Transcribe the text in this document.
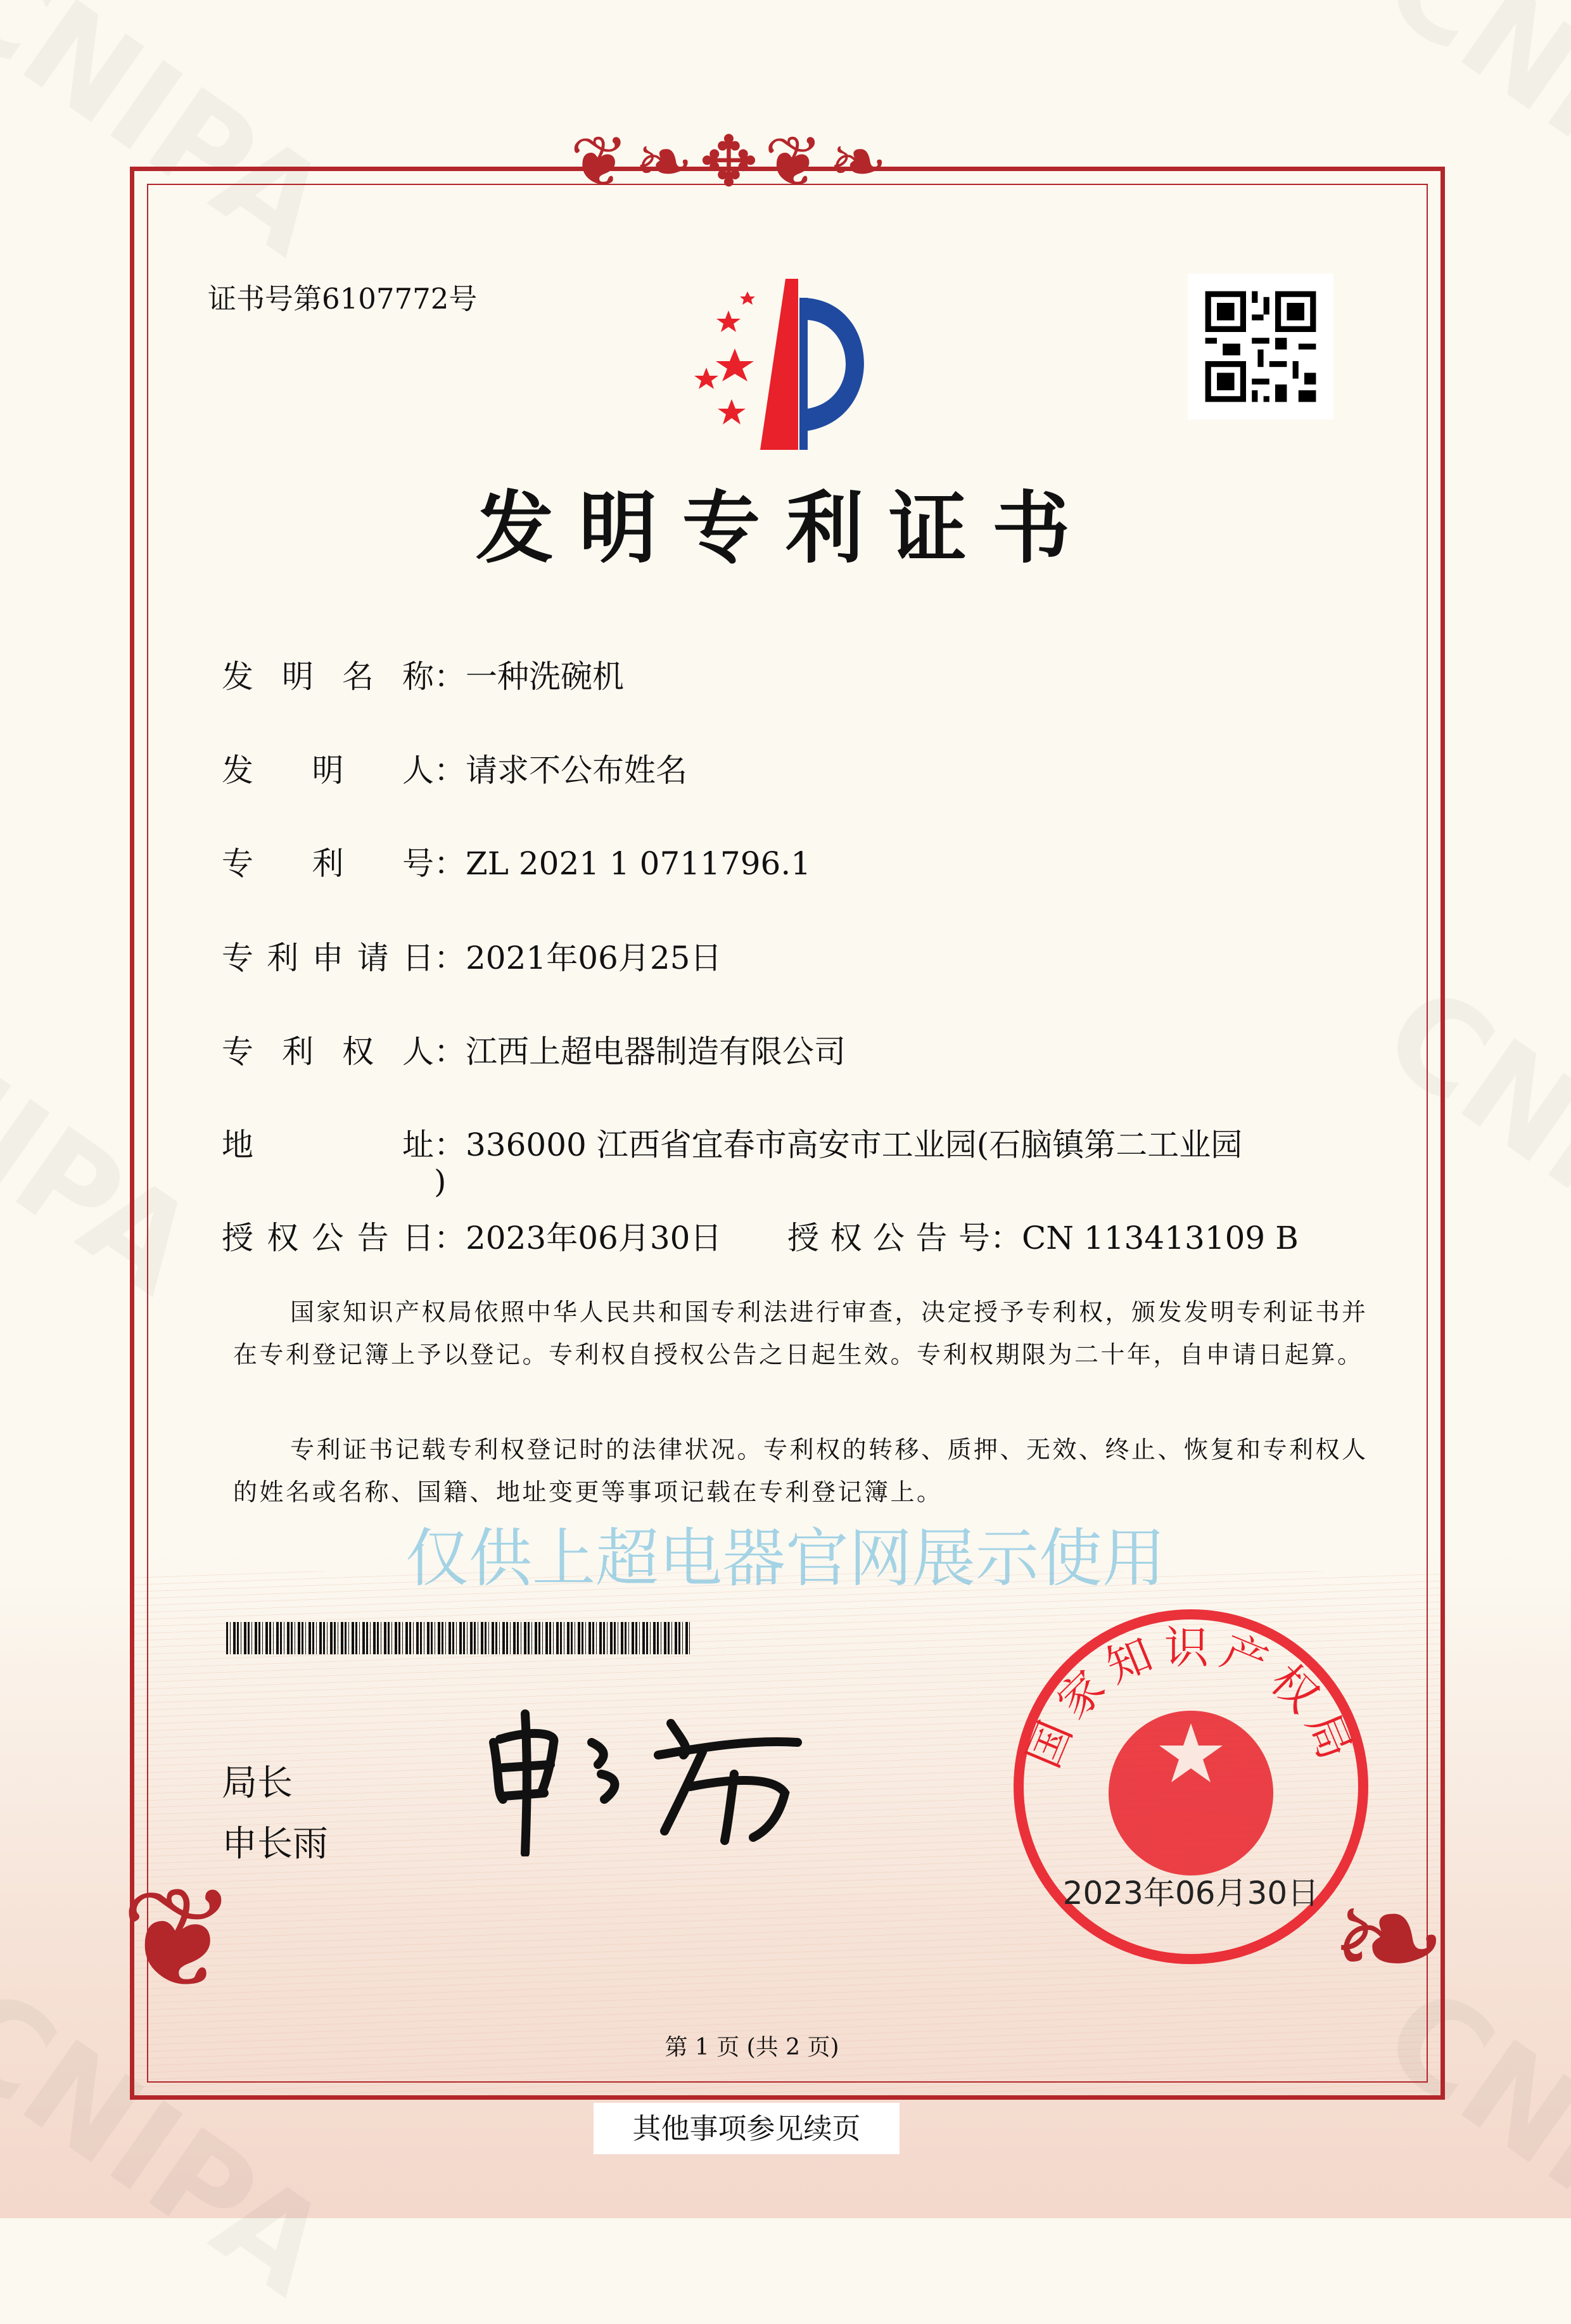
❦❧✥❦❧
❦	❧
证书号第6107772号
发明专利证书
发明名称：一种洗碗机
发明人：请求不公布姓名
专利号：ZL 2021 1 0711796.1
专利申请日：2021年06月25日
专利权人：江西上超电器制造有限公司
地址：336000 江西省宜春市高安市工业园(石脑镇第二工业园
)
授权公告日：2023年06月30日 授权公告号：CN 113413109 B
国家知识产权局依照中华人民共和国专利法进行审查，决定授予专利权，颁发发明专利证书并在专利登记簿上予以登记。专利权自授权公告之日起生效。专利权期限为二十年，自申请日起算。
专利证书记载专利权登记时的法律状况。专利权的转移、质押、无效、终止、恢复和专利权人的姓名或名称、国籍、地址变更等事项记载在专利登记簿上。
仅供上超电器官网展示使用
局长
申长雨
国家知识产权局
2023年06月30日
第 1 页 (共 2 页)
其他事项参见续页
